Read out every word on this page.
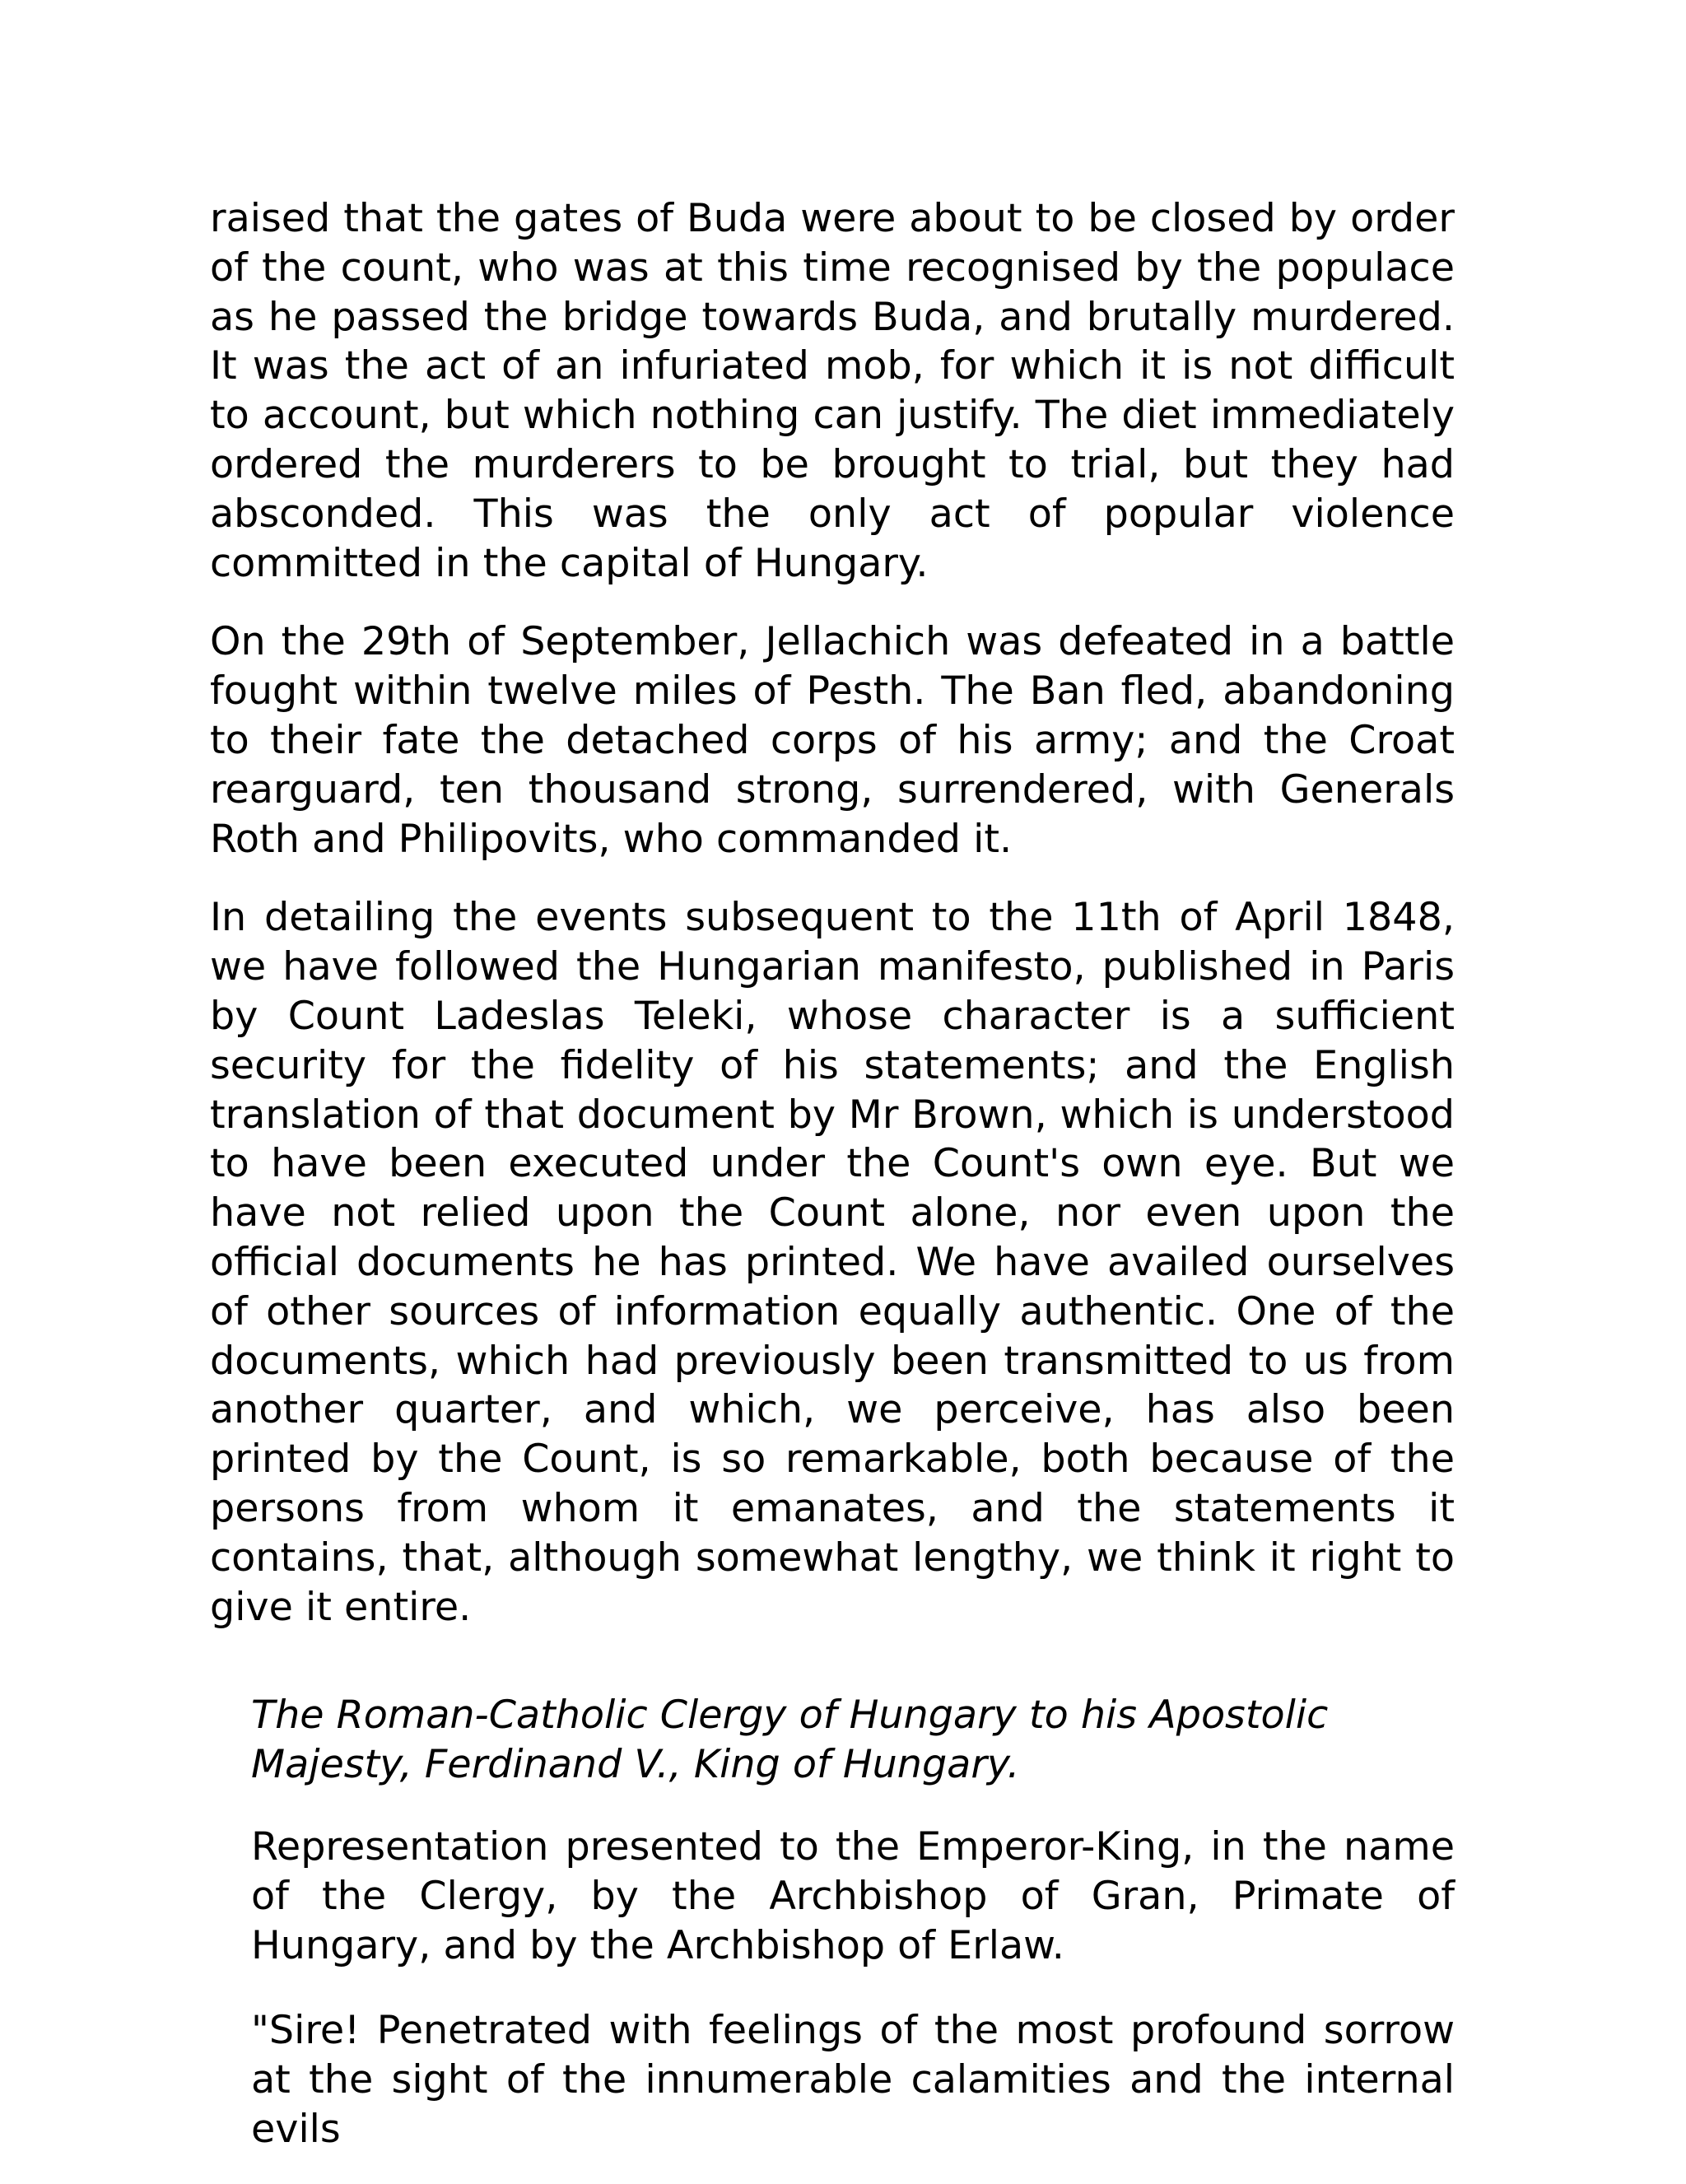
raised that the gates of Buda were about to be closed by order of the count, who was at this time recognised by the populace as he passed the bridge towards Buda, and brutally murdered. It was the act of an infuriated mob, for which it is not difficult to account, but which nothing can justify. The diet immediately ordered the murderers to be brought to trial, but they had absconded. This was the only act of popular violence committed in the capital of Hungary.

On the 29th of September, Jellachich was defeated in a battle fought within twelve miles of Pesth. The Ban fled, abandoning to their fate the detached corps of his army; and the Croat rearguard, ten thousand strong, surrendered, with Generals Roth and Philipovits, who commanded it.

In detailing the events subsequent to the 11th of April 1848, we have followed the Hungarian manifesto, published in Paris by Count Ladeslas Teleki, whose character is a sufficient security for the fidelity of his statements; and the English translation of that document by Mr Brown, which is understood to have been executed under the Count's own eye. But we have not relied upon the Count alone, nor even upon the official documents he has printed. We have availed ourselves of other sources of information equally authentic. One of the documents, which had previously been transmitted to us from another quarter, and which, we perceive, has also been printed by the Count, is so remarkable, both because of the persons from whom it emanates, and the statements it contains, that, although somewhat lengthy, we think it right to give it entire.

The Roman-Catholic Clergy of Hungary to his Apostolic Majesty, Ferdinand V., King of Hungary.

Representation presented to the Emperor-King, in the name of the Clergy, by the Archbishop of Gran, Primate of Hungary, and by the Archbishop of Erlaw.

"Sire! Penetrated with feelings of the most profound sorrow at the sight of the innumerable calamities and the internal evils
